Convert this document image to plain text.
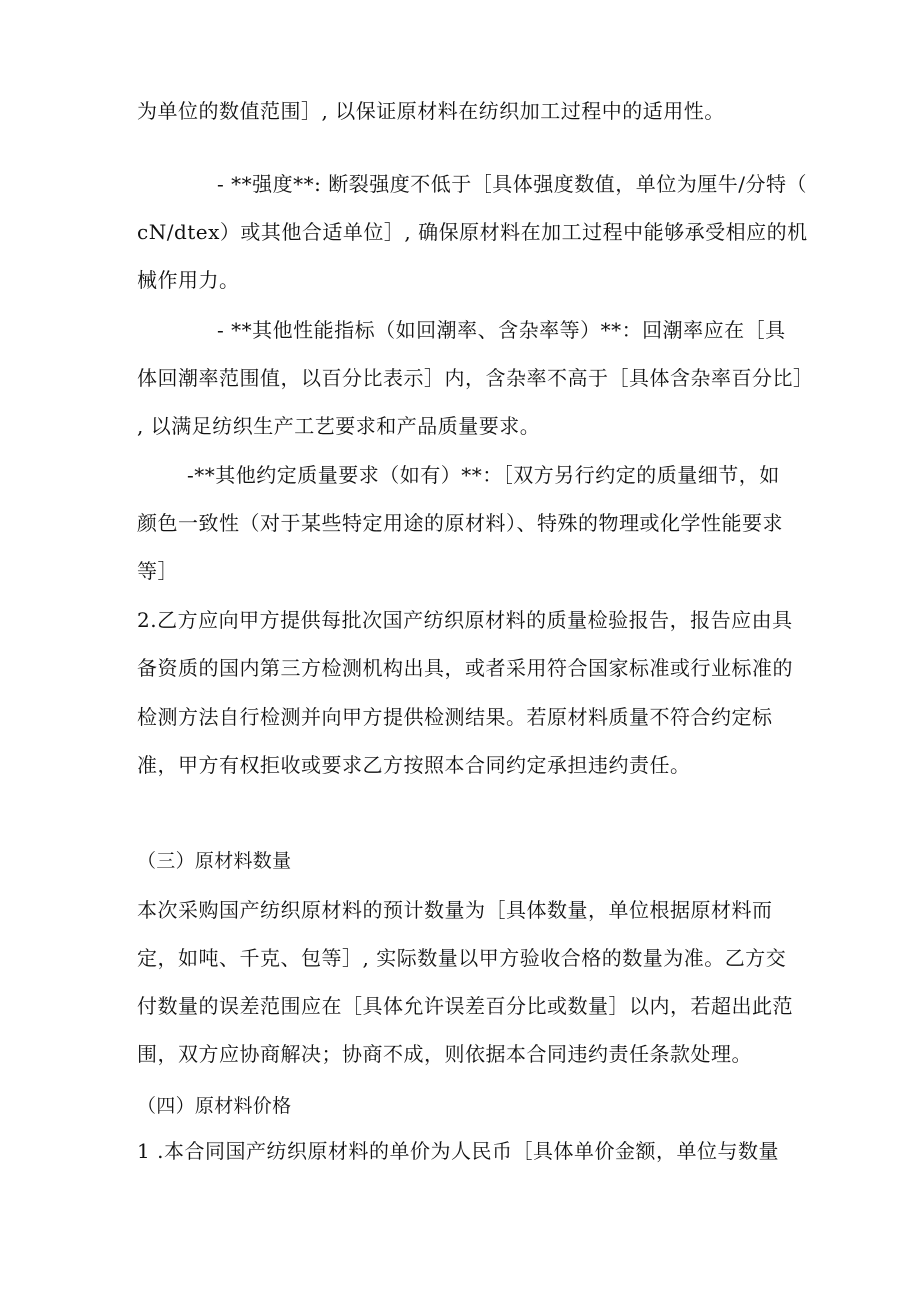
为单位的数值范围］, 以保证原材料在纺织加工过程中的适用性。

- **强度**: 断裂强度不低于［具体强度数值，单位为厘牛/分特（

cN/dtex）或其他合适单位］, 确保原材料在加工过程中能够承受相应的机

械作用力。

- **其他性能指标（如回潮率、含杂率等）**：回潮率应在［具

体回潮率范围值，以百分比表示］内，含杂率不高于［具体含杂率百分比］

, 以满足纺织生产工艺要求和产品质量要求。

-**其他约定质量要求（如有）**：［双方另行约定的质量细节，如

颜色一致性（对于某些特定用途的原材料）、特殊的物理或化学性能要求

等］

2.乙方应向甲方提供每批次国产纺织原材料的质量检验报告，报告应由具

备资质的国内第三方检测机构出具，或者采用符合国家标准或行业标准的

检测方法自行检测并向甲方提供检测结果。若原材料质量不符合约定标

准，甲方有权拒收或要求乙方按照本合同约定承担违约责任。

（三）原材料数量

本次采购国产纺织原材料的预计数量为［具体数量，单位根据原材料而

定，如吨、千克、包等］, 实际数量以甲方验收合格的数量为准。乙方交

付数量的误差范围应在［具体允许误差百分比或数量］以内，若超出此范

围，双方应协商解决；协商不成，则依据本合同违约责任条款处理。

（四）原材料价格

1 .本合同国产纺织原材料的单价为人民币［具体单价金额，单位与数量
